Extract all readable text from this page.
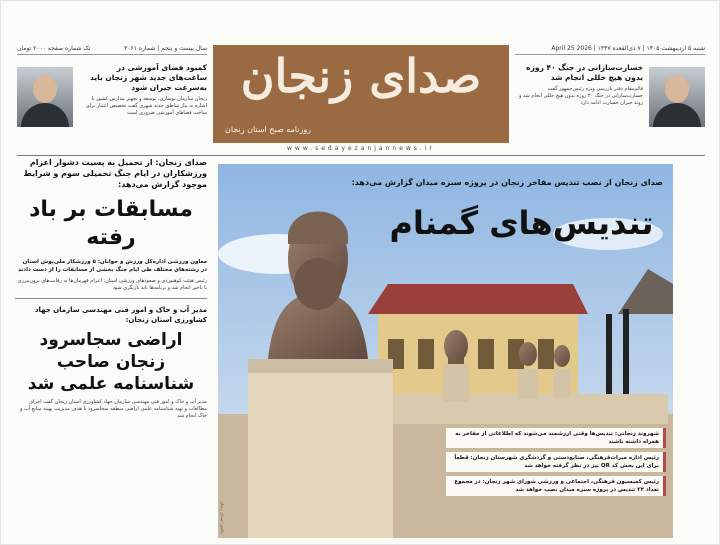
سال بیست و پنجم | شماره ۳۰۶۱
تک شماره صفحه ۲۰۰۰ تومان	شنبه ۵ اردیبهشت ۱۴۰۵ | ۷ ذی‌القعده ۱۴۴۷ | April 25 2026
صدای زنجان
روزنامه صبح استان زنجان
کمبود فضای آموزشی در ساعت‌های جدید شهر زنجان باید به‌سرعت جبران شود
زنجان سازمان نوسازی، توسعه و تجهیز مدارس کشور با اشاره به نیاز مناطق جدید شهری گفت تخصیص اعتبار برای ساخت فضاهای آموزشی ضروری است
خسارت‌سازانی در جنگ ۴۰ روزه بدون هیچ خللی انجام شد
قائم‌مقام دفتر بازرسی ویژه رئیس‌جمهور گفت خسارت‌سازانی در جنگ ۴۰ روزه بدون هیچ خللی انجام شد و روند جبران خسارت ادامه دارد
www.sedayezanjannews.ir
صدای زنجان: از تحمیل به پسیت دشوار اعزام ورزشکاران در ایام جنگ تحمیلی سوم و شرایط موجود گزارش می‌دهد:
مسابقات بر باد رفته
معاون ورزشی اداره‌کل ورزش و جوانان: ۵ ورزشکار ملی‌پوش استان در رشته‌های مختلف طی ایام جنگ بخشی از مسابقات را از دست دادند
رئیس هیئت کوهنوردی و صعودهای ورزشی استان: اعزام قهرمان‌ها به رقابت‌های برون‌مرزی با تاخیر انجام شد و برنامه‌ها باید بازنگری شود
مدیر آب و خاک و امور فنی مهندسی سازمان جهاد کشاورزی استان زنجان:
اراضی سجاسرود زنجان صاحب شناسنامه علمی شد
مدیر آب و خاک و امور فنی مهندسی سازمان جهاد کشاورزی استان زنجان گفت اجرای مطالعات و تهیه شناسنامه علمی اراضی منطقه سجاسرود با هدف مدیریت بهینه منابع آب و خاک انجام شد
صدای زنجان از نصب تندیس مفاخر زنجان در پروژه سبزه میدان گزارش می‌دهد:
تندیس‌های گمنام
شهروند زنجانی: تندیس‌ها وقتی ارزشمند می‌شوند که اطلاعاتی از مفاخر به همراه داشته باشند
رئیس اداره میراث‌فرهنگی، صنایع‌دستی و گردشگری شهرستان زنجان: قطعاً برای این بخش کد QR نیز در نظر گرفته خواهد شد
رئیس کمیسیون فرهنگی، اجتماعی و ورزشی شورای شهر زنجان: در مجموع تعداد ۲۴ تندیس در پروژه سبزه میدان نصب خواهد شد
عکس: صدای زنجان
